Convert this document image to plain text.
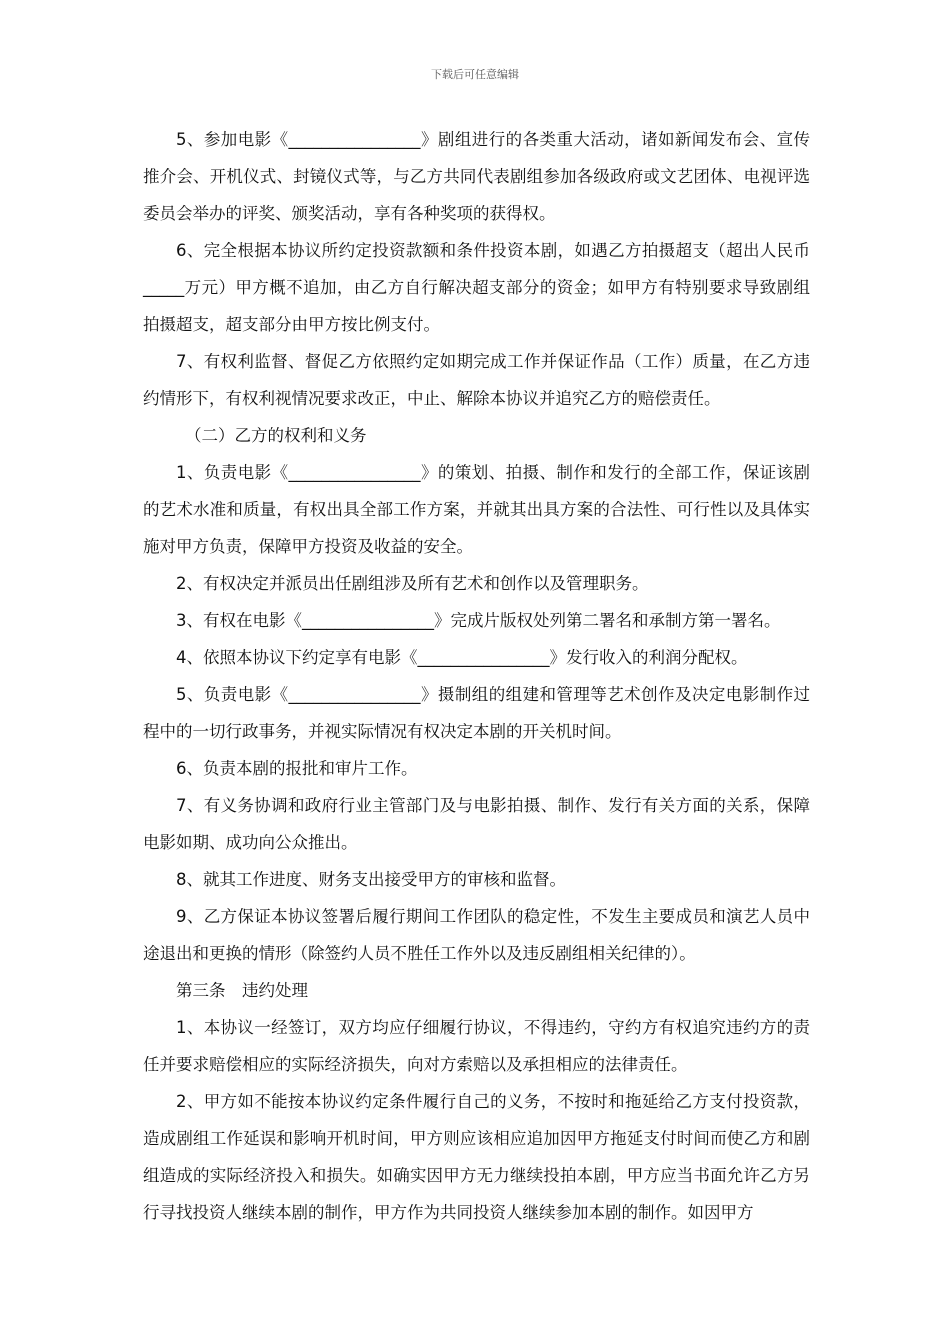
下载后可任意编辑

5、参加电影《________________》剧组进行的各类重大活动，诸如新闻发布会、宣传推介会、开机仪式、封镜仪式等，与乙方共同代表剧组参加各级政府或文艺团体、电视评选委员会举办的评奖、颁奖活动，享有各种奖项的获得权。

6、完全根据本协议所约定投资款额和条件投资本剧，如遇乙方拍摄超支（超出人民币_____万元）甲方概不追加，由乙方自行解决超支部分的资金；如甲方有特别要求导致剧组拍摄超支，超支部分由甲方按比例支付。

7、有权利监督、督促乙方依照约定如期完成工作并保证作品（工作）质量，在乙方违约情形下，有权利视情况要求改正，中止、解除本协议并追究乙方的赔偿责任。

（二）乙方的权利和义务

1、负责电影《________________》的策划、拍摄、制作和发行的全部工作，保证该剧的艺术水准和质量，有权出具全部工作方案，并就其出具方案的合法性、可行性以及具体实施对甲方负责，保障甲方投资及收益的安全。

2、有权决定并派员出任剧组涉及所有艺术和创作以及管理职务。

3、有权在电影《________________》完成片版权处列第二署名和承制方第一署名。

4、依照本协议下约定享有电影《________________》发行收入的利润分配权。

5、负责电影《________________》摄制组的组建和管理等艺术创作及决定电影制作过程中的一切行政事务，并视实际情况有权决定本剧的开关机时间。

6、负责本剧的报批和审片工作。

7、有义务协调和政府行业主管部门及与电影拍摄、制作、发行有关方面的关系，保障电影如期、成功向公众推出。

8、就其工作进度、财务支出接受甲方的审核和监督。

9、乙方保证本协议签署后履行期间工作团队的稳定性，不发生主要成员和演艺人员中途退出和更换的情形（除签约人员不胜任工作外以及违反剧组相关纪律的）。

第三条　违约处理

1、本协议一经签订，双方均应仔细履行协议，不得违约，守约方有权追究违约方的责任并要求赔偿相应的实际经济损失，向对方索赔以及承担相应的法律责任。

2、甲方如不能按本协议约定条件履行自己的义务，不按时和拖延给乙方支付投资款，造成剧组工作延误和影响开机时间，甲方则应该相应追加因甲方拖延支付时间而使乙方和剧组造成的实际经济投入和损失。如确实因甲方无力继续投拍本剧，甲方应当书面允许乙方另行寻找投资人继续本剧的制作，甲方作为共同投资人继续参加本剧的制作。如因甲方
